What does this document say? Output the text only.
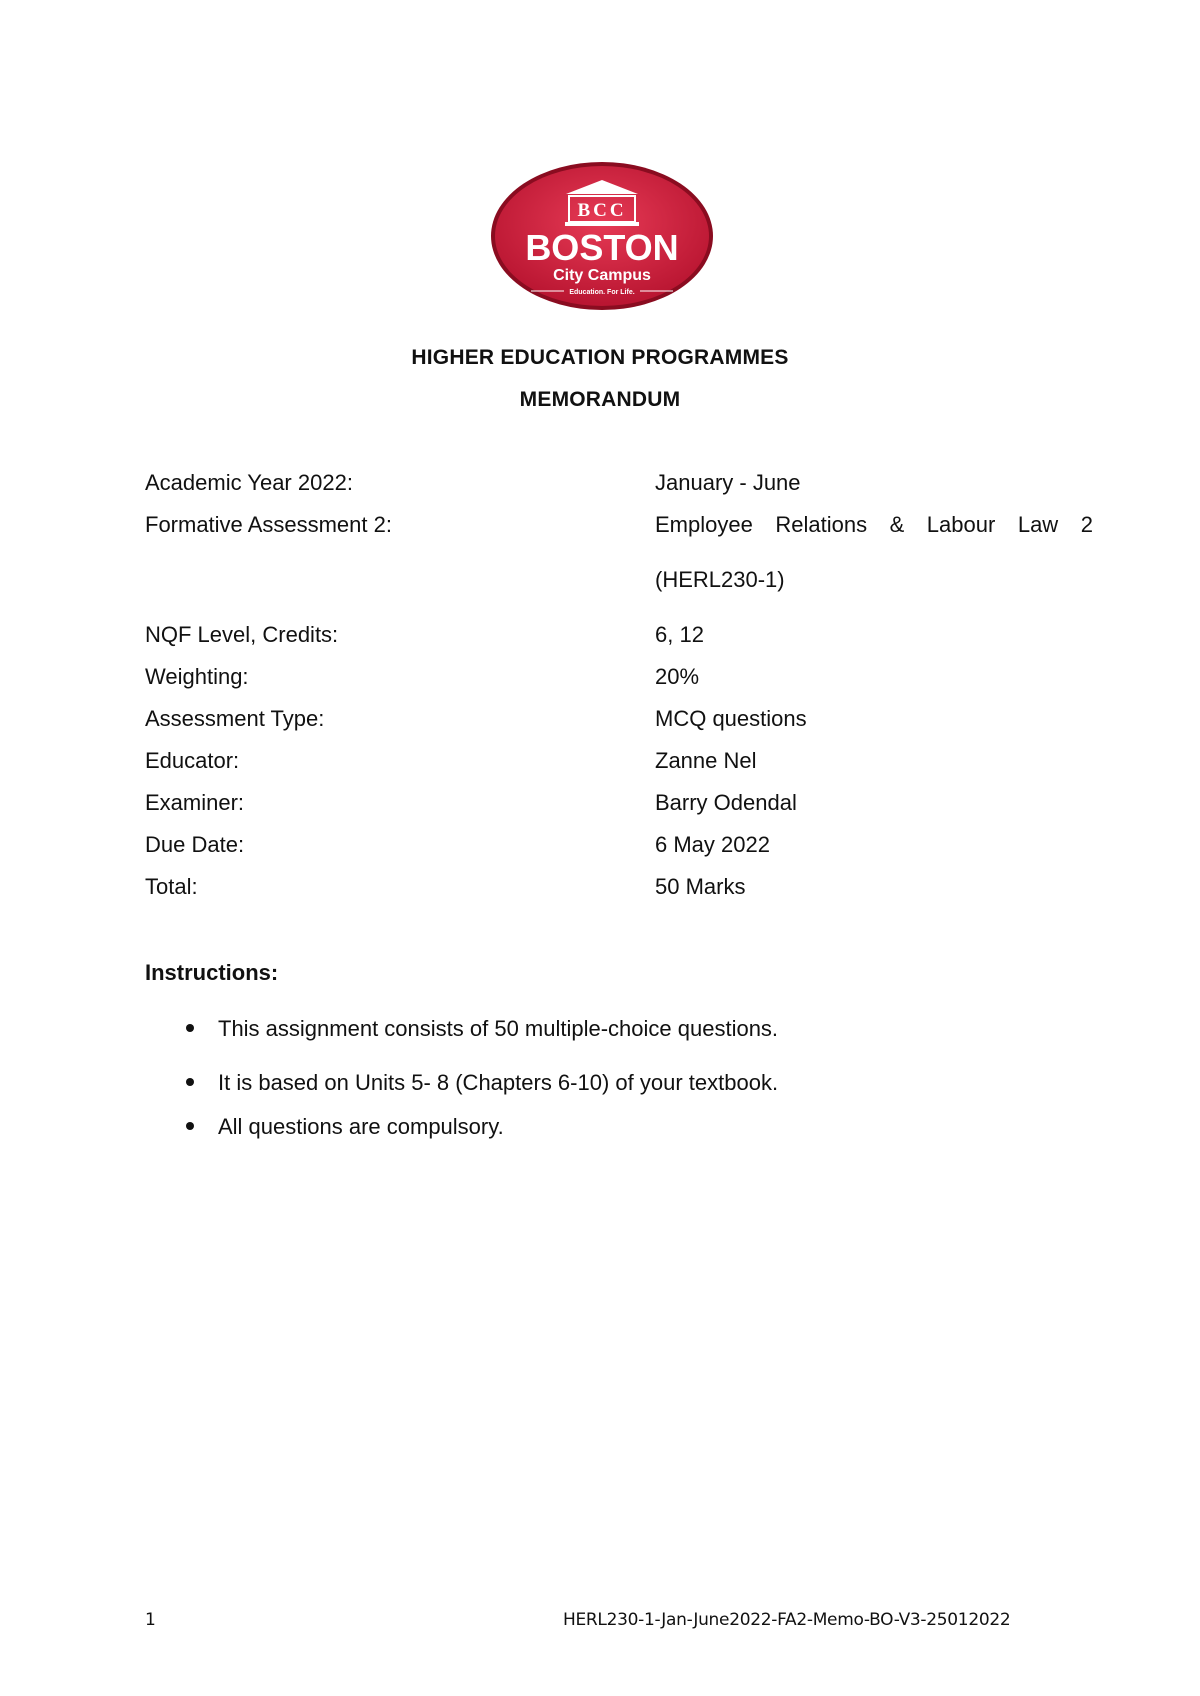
BCC
BOSTON
City Campus
Education. For Life.
HIGHER EDUCATION PROGRAMMES
MEMORANDUM
Academic Year 2022:	January - June
Formative Assessment 2:	Employee Relations & Labour Law 2
(HERL230-1)
NQF Level, Credits:	6, 12
Weighting:	20%
Assessment Type:	MCQ questions
Educator:	Zanne Nel
Examiner:	Barry Odendal
Due Date:	6 May 2022
Total:	50 Marks
Instructions:
This assignment consists of 50 multiple-choice questions.
It is based on Units 5- 8 (Chapters 6-10) of your textbook.
All questions are compulsory.
1	HERL230-1-Jan-June2022-FA2-Memo-BO-V3-25012022
